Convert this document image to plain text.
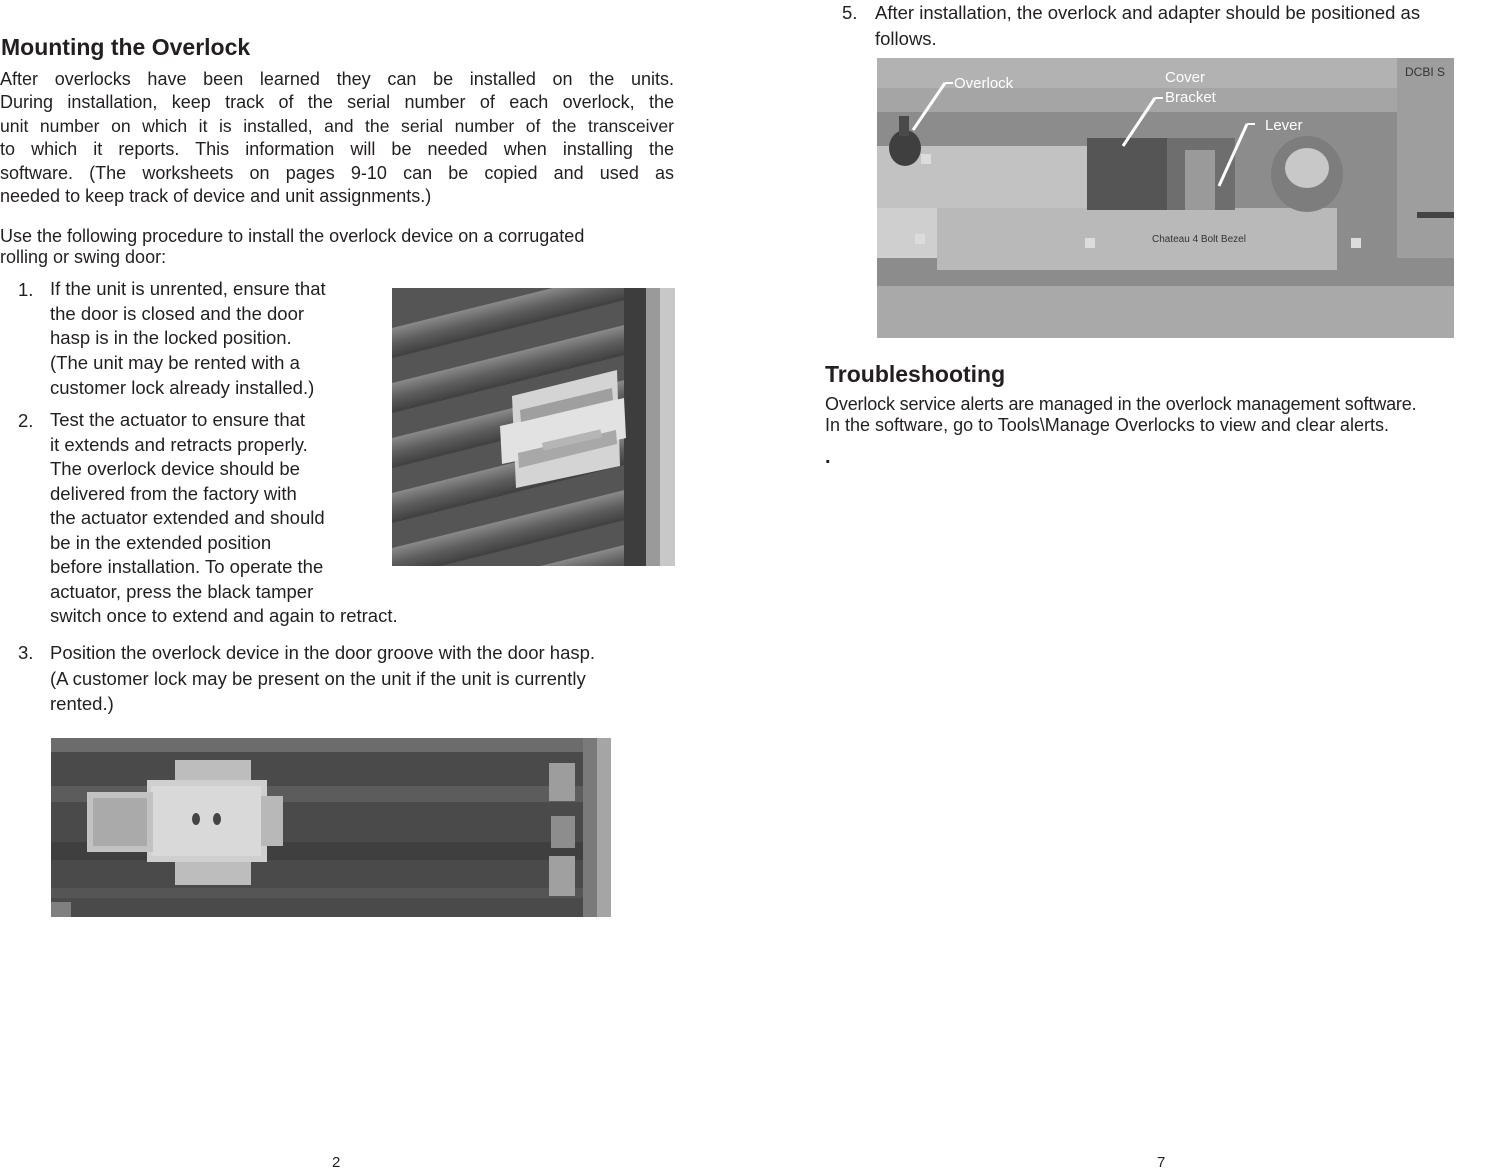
Mounting the Overlock
After overlocks have been learned they can be installed on the units.
During installation, keep track of the serial number of each overlock, the
unit number on which it is installed, and the serial number of the transceiver
to which it reports. This information will be needed when installing the
software. (The worksheets on pages 9-10 can be copied and used as
needed to keep track of device and unit assignments.)
Use the following procedure to install the overlock device on a corrugated
rolling or swing door:
1. If the unit is unrented, ensure that
the door is closed and the door
hasp is in the locked position.
(The unit may be rented with a
customer lock already installed.)
2. Test the actuator to ensure that
it extends and retracts properly.
The overlock device should be
delivered from the factory with
the actuator extended and should
be in the extended position
before installation. To operate the
actuator, press the black tamper
switch once to extend and again to retract.
3. Position the overlock device in the door groove with the door hasp.
(A customer lock may be present on the unit if the unit is currently
rented.)
2
5. After installation, the overlock and adapter should be positioned as
follows.
Chateau 4 Bolt Bezel
DCBI S
Overlock	Cover
Bracket
Lever
Troubleshooting
Overlock service alerts are managed in the overlock management software.
In the software, go to Tools\Manage Overlocks to view and clear alerts.
.
7
